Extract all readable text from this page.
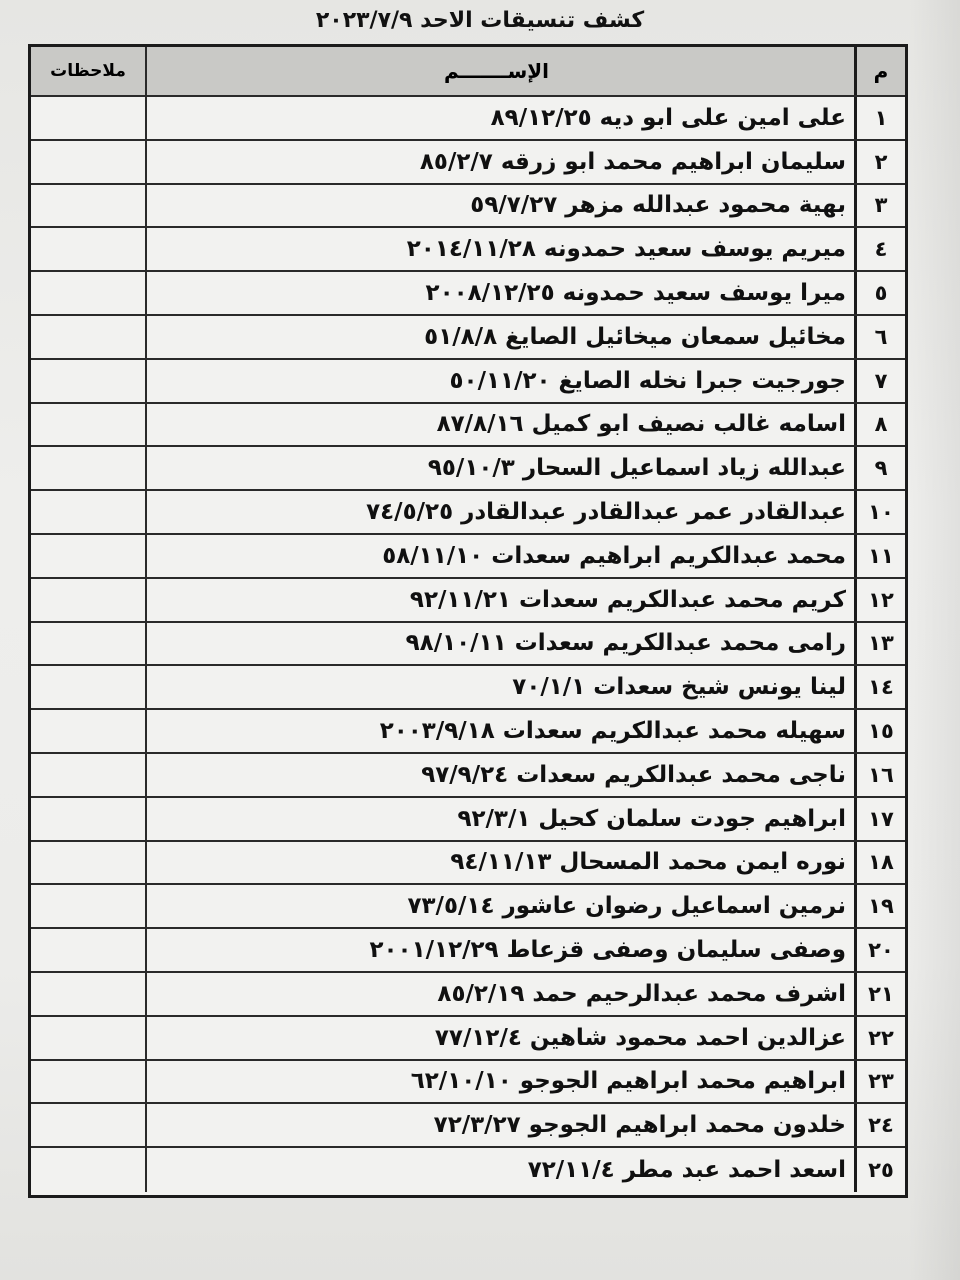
كشف تنسيقات الاحد ٢٠٢٣/٧/٩
ملاحظات	الإســـــــم	م
على امين على ابو ديه ٨٩/١٢/٢٥ ١
سليمان ابراهيم محمد ابو زرقه ٨٥/٢/٧ ٢
بهية محمود عبدالله مزهر ٥٩/٧/٢٧ ٣
ميريم يوسف سعيد حمدونه ٢٠١٤/١١/٢٨ ٤
ميرا يوسف سعيد حمدونه ٢٠٠٨/١٢/٢٥ ٥
مخائيل سمعان ميخائيل الصايغ ٥١/٨/٨ ٦
جورجيت جبرا نخله الصايغ ٥٠/١١/٢٠ ٧
اسامه غالب نصيف ابو كميل ٨٧/٨/١٦ ٨
عبدالله زياد اسماعيل السحار ٩٥/١٠/٣ ٩
عبدالقادر عمر عبدالقادر عبدالقادر ٧٤/٥/٢٥ ١٠
محمد عبدالكريم ابراهيم سعدات ٥٨/١١/١٠ ١١
كريم محمد عبدالكريم سعدات ٩٢/١١/٢١ ١٢
رامى محمد عبدالكريم سعدات ٩٨/١٠/١١ ١٣
لينا يونس شيخ سعدات ٧٠/١/١ ١٤
سهيله محمد عبدالكريم سعدات ٢٠٠٣/٩/١٨ ١٥
ناجى محمد عبدالكريم سعدات ٩٧/٩/٢٤ ١٦
ابراهيم جودت سلمان كحيل ٩٢/٣/١ ١٧
نوره ايمن محمد المسحال ٩٤/١١/١٣ ١٨
نرمين اسماعيل رضوان عاشور ٧٣/٥/١٤ ١٩
وصفى سليمان وصفى قزعاط ٢٠٠١/١٢/٢٩ ٢٠
اشرف محمد عبدالرحيم حمد ٨٥/٢/١٩ ٢١
عزالدين احمد محمود شاهين ٧٧/١٢/٤ ٢٢
ابراهيم محمد ابراهيم الجوجو ٦٢/١٠/١٠ ٢٣
خلدون محمد ابراهيم الجوجو ٧٢/٣/٢٧ ٢٤
اسعد احمد عبد مطر ٧٢/١١/٤ ٢٥
